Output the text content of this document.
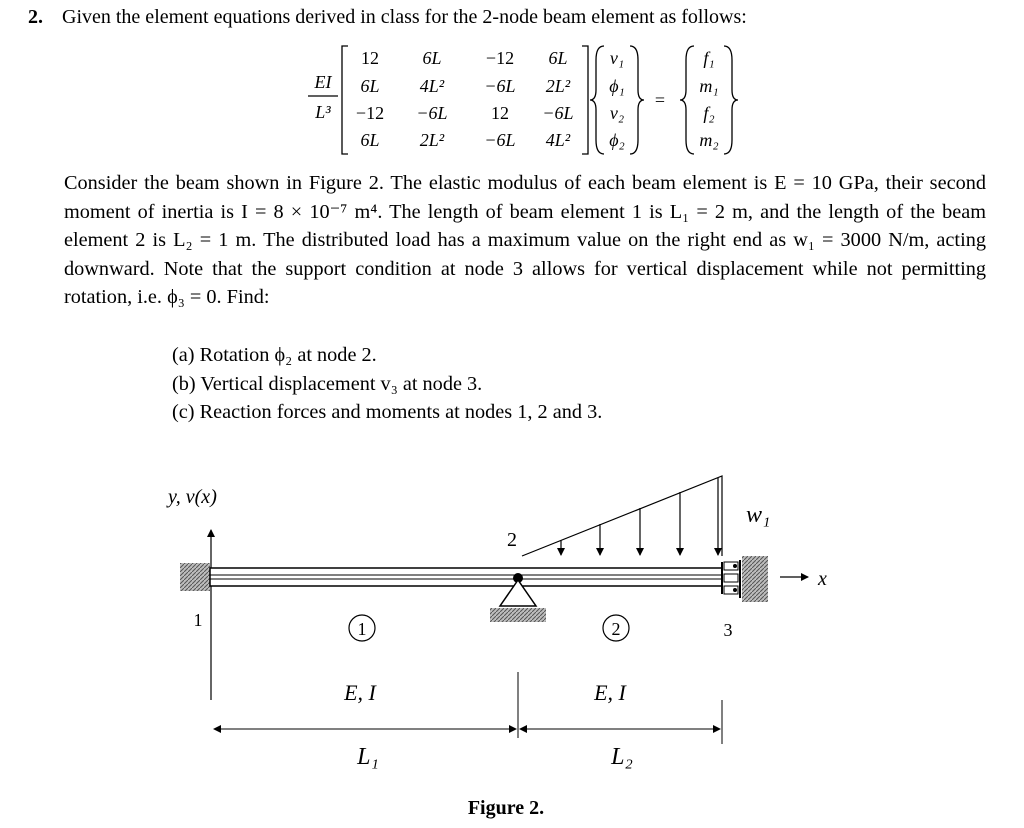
2. Given the element equations derived in class for the 2-node beam element as follows:
EI
L³
12 6L −12 6L
6L 4L² −6L 2L²
−12 −6L 12 −6L
6L 2L² −6L 4L²
v₁
ϕ₁
v₂
ϕ₂
=
f₁
m₁
f₂
m₂
Consider the beam shown in Figure 2. The elastic modulus of each beam element is E = 10 GPa, their second moment of inertia is I = 8 × 10⁻⁷ m⁴. The length of beam element 1 is L₁ = 2 m, and the length of the beam element 2 is L₂ = 1 m. The distributed load has a maximum value on the right end as w₁ = 3000 N/m, acting downward. Note that the support condition at node 3 allows for vertical displacement while not permitting rotation, i.e. ϕ₃ = 0. Find:
(a) Rotation ϕ₂ at node 2.
(b) Vertical displacement v₃ at node 3.
(c) Reaction forces and moments at nodes 1, 2 and 3.
y, v(x)
x
w₁
1
2
3
1	2
E, I	E, I
L₁	L₂
Figure 2.
